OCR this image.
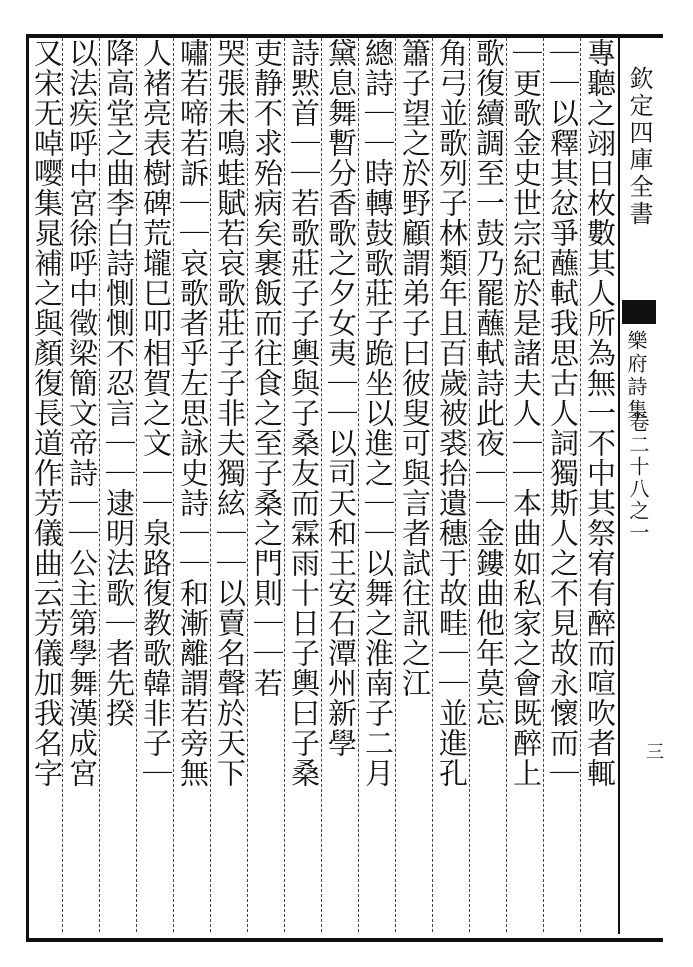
專聽之翊日枚數其人所為無一不中其祭宥有醉而喧吹者輒
｜｜以釋其忿爭蘸軾我思古人詞獨斯人之不見故永懷而｜
｜更歌金史世宗紀於是諸夫人｜｜本曲如私家之會既醉上
歌復續調至一鼓乃罷蘸軾詩此夜｜｜金鏤曲他年莫忘
角弓並歌列子林類年且百歲被裘拾遺穗于故畦｜｜並進孔
簫子望之於野顧謂弟子曰彼叟可與言者試往訊之江
總詩｜｜時轉鼓歌莊子跪坐以進之｜｜以舞之淮南子二月
黛息舞暫分香歌之夕女夷｜｜以司天和王安石潭州新學
詩黙首｜｜若歌莊子子輿與子桑友而霖雨十日子輿曰子桑
吏静不求殆病矣裹飯而往食之至子桑之門則｜｜若
哭張未鳴蛙賦若哀歌莊子子非夫獨絃｜｜以賣名聲於天下
嘯若啼若訴｜｜哀歌者乎左思詠史詩｜｜和漸離謂若旁無
人褚亮表樹碑荒壠巳叩相賀之文｜｜泉路復教歌韓非子｜
降高堂之曲李白詩惻惻不忍言｜｜逮明法歌｜者先揆
以法疾呼中宮徐呼中徵梁簡文帝詩｜｜公主第學舞漢成宮
又宋无啅嘤集晁補之與顏復長道作芳儀曲云芳儀加我名字	欽定四庫全書
樂府詩集
卷二十八之一
三
